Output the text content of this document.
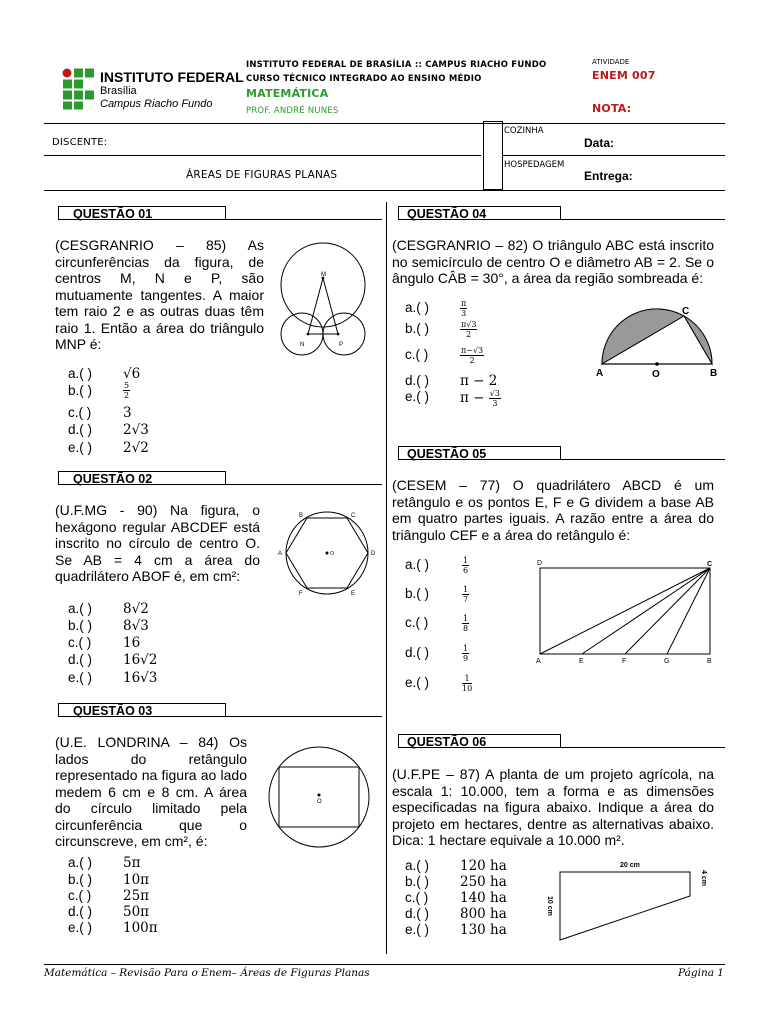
INSTITUTO FEDERAL
Brasília
Campus Riacho Fundo
INSTITUTO FEDERAL DE BRASÍLIA :: CAMPUS RIACHO FUNDO
CURSO TÉCNICO INTEGRADO AO ENSINO MÉDIO
MATEMÁTICA
PROF. ANDRÉ NUNES
ATIVIDADE
ENEM 007
NOTA:
DISCENTE:
COZINHA
HOSPEDAGEM
Data:
Entrega:
ÁREAS DE FIGURAS PLANAS
QUESTÃO 01
(CESGRANRIO – 85) As circunferências da figura, de centros M, N e P, são mutuamente tangentes. A maior tem raio 2 e as outras duas têm raio 1. Então a área do triângulo MNP é:
M
N	P
a.( ) √6
b.( )	$\frac{5}{2}$
c.( ) 3
d.( ) 2√3
e.( ) 2√2
QUESTÃO 02
(U.F.MG - 90) Na figura, o hexágono regular ABCDEF está inscrito no círculo de centro O. Se AB = 4 cm a área do quadrilátero ABOF é, em cm²:
B	C
A	D
F	E
O
a.( ) 8√2
b.( ) 8√3
c.( ) 16
d.( ) 16√2
e.( ) 16√3
QUESTÃO 03
(U.E. LONDRINA – 84) Os lados do retângulo representado na figura ao lado medem 6 cm e 8 cm. A área do círculo limitado pela circunferência que o circunscreve, em cm², é:
O
a.( ) 5π
b.( ) 10π
c.( ) 25π
d.( ) 50π
e.( ) 100π
QUESTÃO 04
(CESGRANRIO – 82) O triângulo ABC está inscrito no semicírculo de centro O e diâmetro AB = 2. Se o ângulo CÂB = 30°, a área da região sombreada é:
A	O	B
C
a.( )	$\frac{\pi}{3}$
b.( )	$\frac{\pi√3}{2}$
c.( )	$\frac{\pi-√3}{2}$
d.( ) π − 2
e.( ) $\pi - \frac{√3}{3}$
QUESTÃO 05
(CESEM – 77) O quadrilátero ABCD é um retângulo e os pontos E, F e G dividem a base AB em quatro partes iguais. A razão entre a área do triângulo CEF e a área do retângulo é:
D	C
A	E	F	G	B
a.( )	$\frac{1}{6}$
b.( )	$\frac{1}{7}$
c.( )	$\frac{1}{8}$
d.( )	$\frac{1}{9}$
e.( )	$\frac{1}{10}$
QUESTÃO 06
(U.F.PE – 87) A planta de um projeto agrícola, na escala 1: 10.000, tem a forma e as dimensões especificadas na figura abaixo. Indique a área do projeto em hectares, dentre as alternativas abaixo. Dica: 1 hectare equivale a 10.000 m².
20 cm
4 cm
10 cm
a.( ) 120 ha
b.( ) 250 ha
c.( ) 140 ha
d.( ) 800 ha
e.( ) 130 ha
Matemática – Revisão Para o Enem– Áreas de Figuras Planas	Página 1
